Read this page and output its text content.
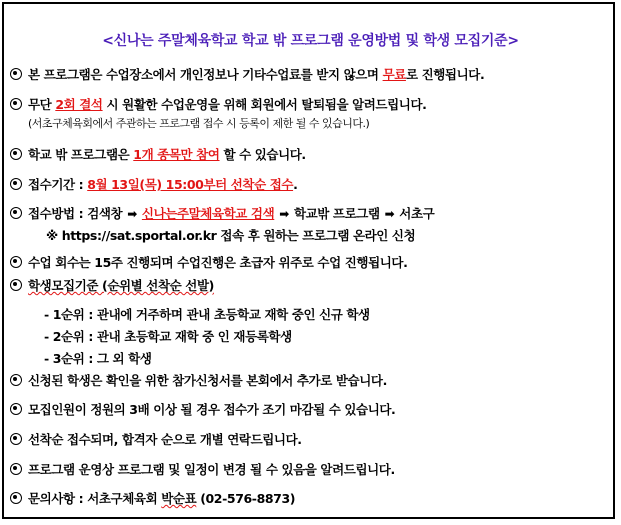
<신나는 주말체육학교 학교 밖 프로그램 운영방법 및 학생 모집기준>
본 프로그램은 수업장소에서 개인정보나 기타수업료를 받지 않으며 무료로 진행됩니다.
무단 2회 결석 시 원활한 수업운영을 위해 회원에서 탈퇴됨을 알려드립니다.
(서초구체육회에서 주관하는 프로그램 접수 시 등록이 제한 될 수 있습니다.)
학교 밖 프로그램은 1개 종목만 참여 할 수 있습니다.
접수기간 : 8월 13일(목) 15:00부터 선착순 접수.
접수방법 : 검색창 ➡ 신나는주말체육학교 검색 ➡ 학교밖 프로그램 ➡ 서초구
※ https://sat.sportal.or.kr 접속 후 원하는 프로그램 온라인 신청
수업 회수는 15주 진행되며 수업진행은 초급자 위주로 수업 진행됩니다.
학생모집기준 (순위별 선착순 선발)
- 1순위 : 관내에 거주하며 관내 초등학교 재학 중인 신규 학생
- 2순위 : 관내 초등학교 재학 중 인 재등록학생
- 3순위 : 그 외 학생
신청된 학생은 확인을 위한 참가신청서를 본회에서 추가로 받습니다.
모집인원이 정원의 3배 이상 될 경우 접수가 조기 마감될 수 있습니다.
선착순 접수되며, 합격자 순으로 개별 연락드립니다.
프로그램 운영상 프로그램 및 일정이 변경 될 수 있음을 알려드립니다.
문의사항 : 서초구체육회 박순표 (02-576-8873)
